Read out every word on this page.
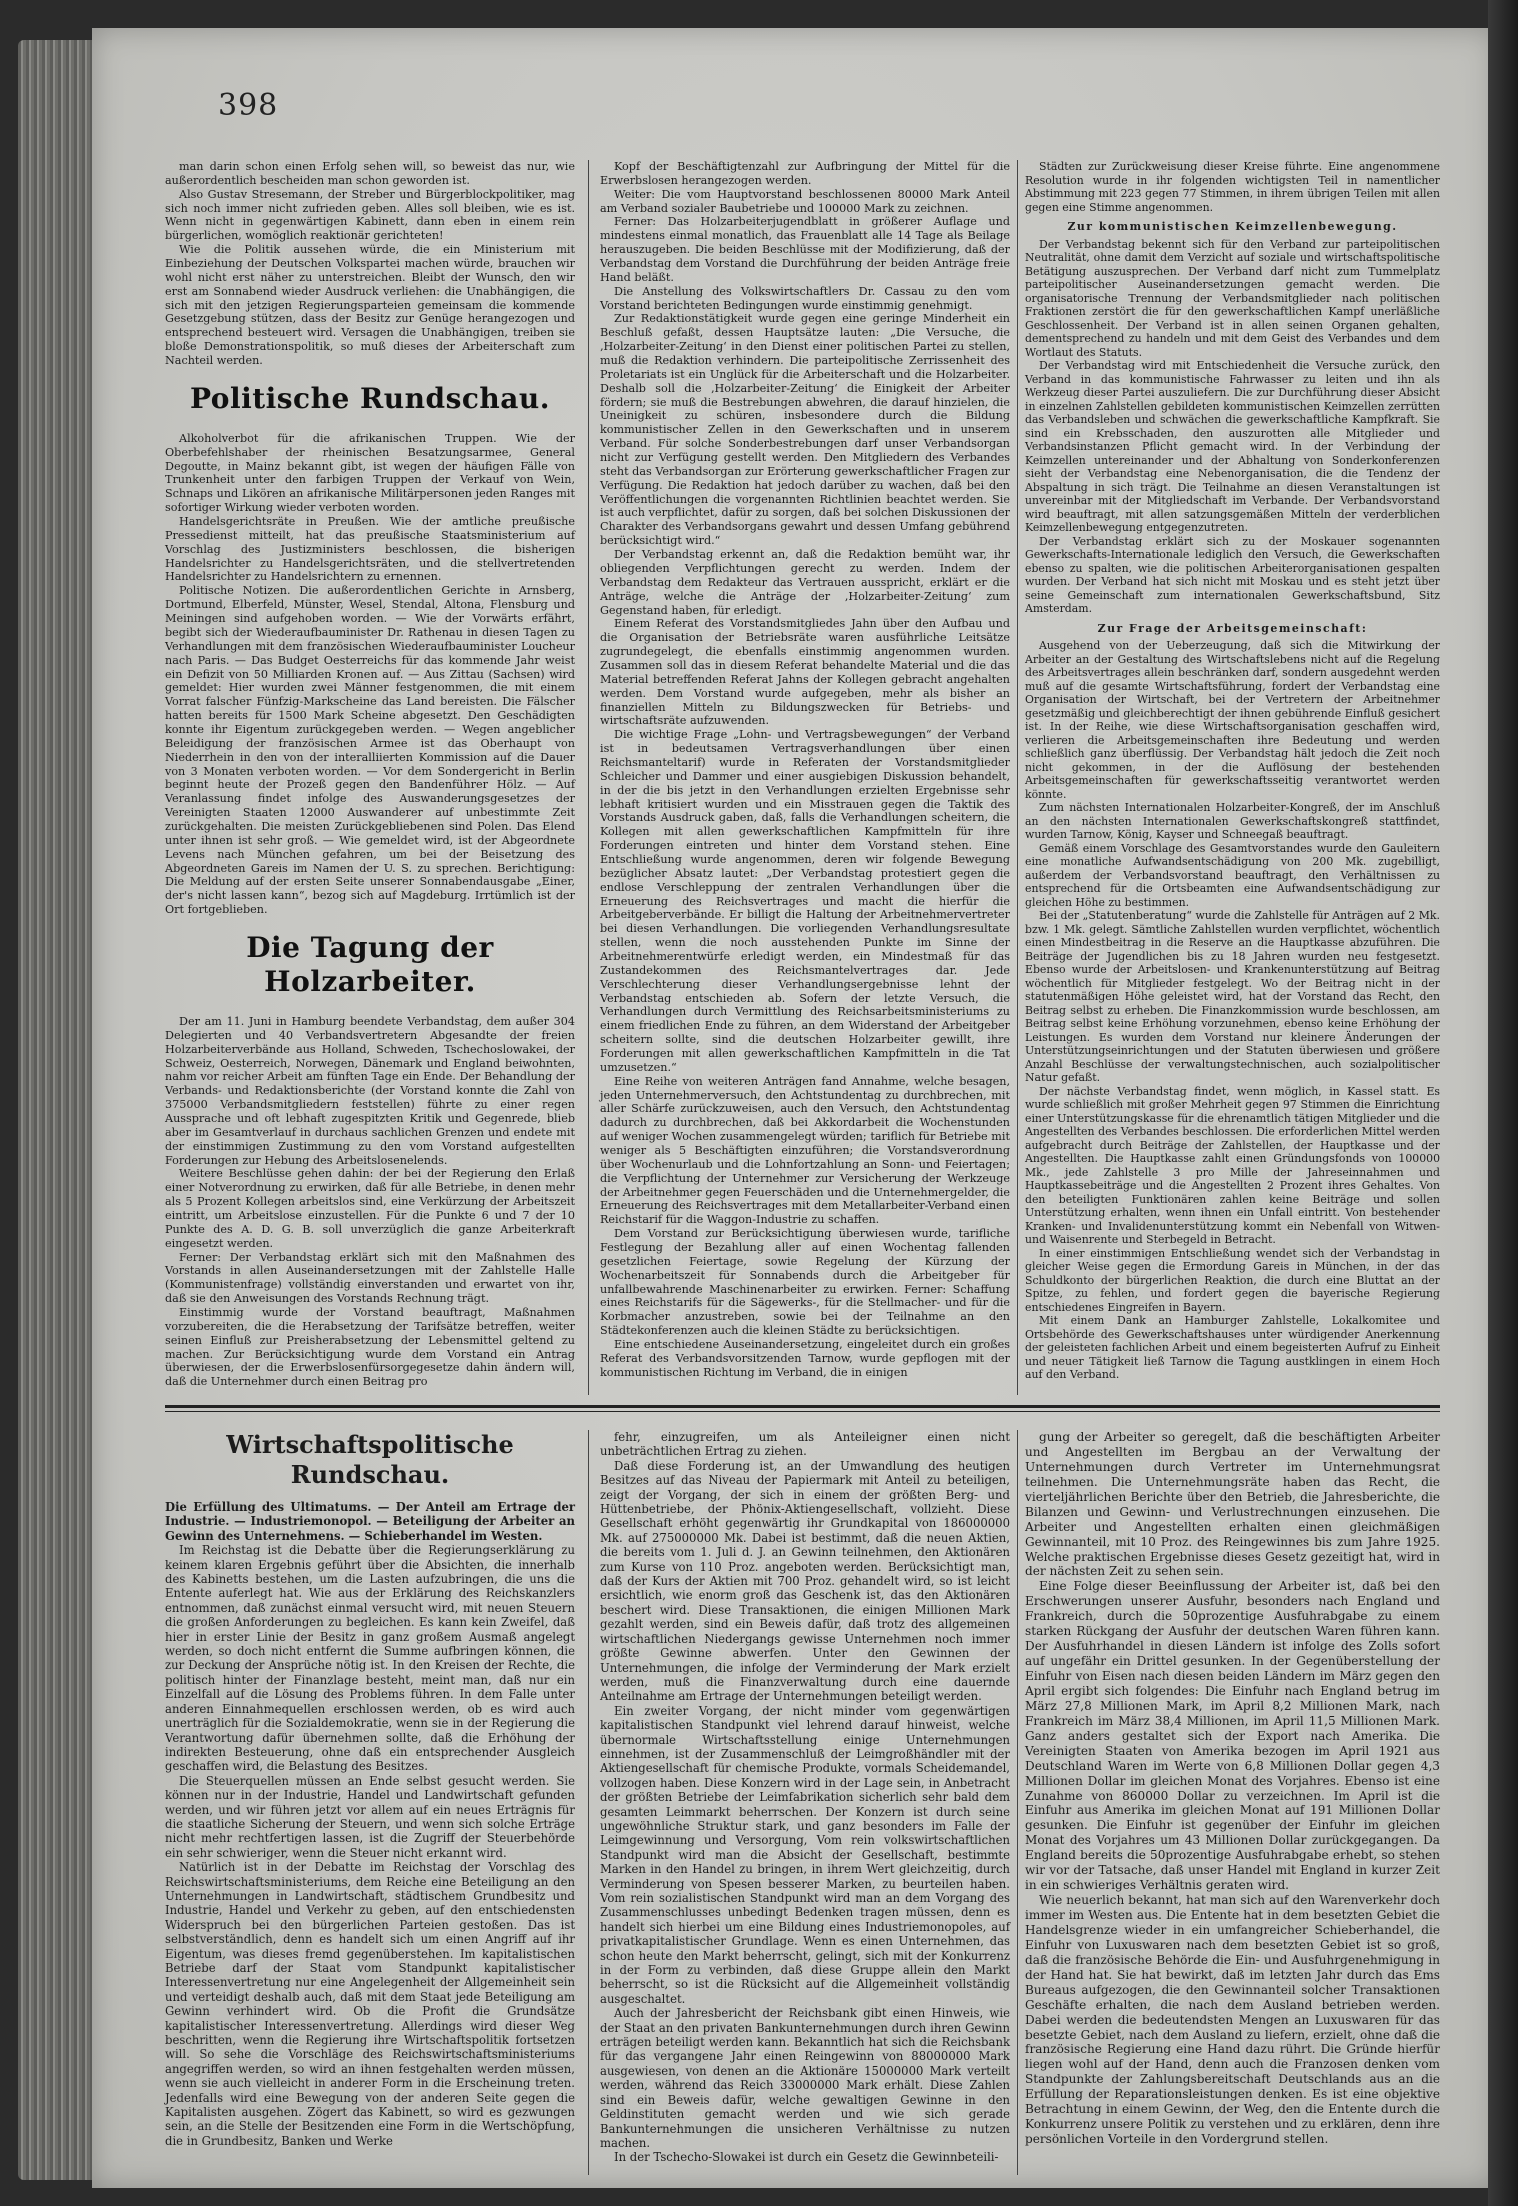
398

man darin schon einen Erfolg sehen will, so beweist das nur, wie außerordentlich bescheiden man schon geworden ist.

Also Gustav Stresemann, der Streber und Bürgerblockpolitiker, mag sich noch immer nicht zufrieden geben. Alles soll bleiben, wie es ist. Wenn nicht in gegenwärtigen Kabinett, dann eben in einem rein bürgerlichen, womöglich reaktionär gerichteten!

Wie die Politik aussehen würde, die ein Ministerium mit Einbeziehung der Deutschen Volkspartei machen würde, brauchen wir wohl nicht erst näher zu unterstreichen. Bleibt der Wunsch, den wir erst am Sonnabend wieder Ausdruck verliehen: die Unabhängigen, die sich mit den jetzigen Regierungsparteien gemeinsam die kommende Gesetzgebung stützen, dass der Besitz zur Genüge herangezogen und entsprechend besteuert wird. Versagen die Unabhängigen, treiben sie bloße Demonstrationspolitik, so muß dieses der Arbeiterschaft zum Nachteil werden.

Politische Rundschau.

Alkoholverbot für die afrikanischen Truppen. Wie der Oberbefehlshaber der rheinischen Besatzungsarmee, General Degoutte, in Mainz bekannt gibt, ist wegen der häufigen Fälle von Trunkenheit unter den farbigen Truppen der Verkauf von Wein, Schnaps und Likören an afrikanische Militärpersonen jeden Ranges mit sofortiger Wirkung wieder verboten worden.

Handelsgerichtsräte in Preußen. Wie der amtliche preußische Pressedienst mitteilt, hat das preußische Staatsministerium auf Vorschlag des Justizministers beschlossen, die bisherigen Handelsrichter zu Handelsgerichtsräten, und die stellvertretenden Handelsrichter zu Handelsrichtern zu ernennen.

Politische Notizen. Die außerordentlichen Gerichte in Arnsberg, Dortmund, Elberfeld, Münster, Wesel, Stendal, Altona, Flensburg und Meiningen sind aufgehoben worden. — Wie der Vorwärts erfährt, begibt sich der Wiederaufbauminister Dr. Rathenau in diesen Tagen zu Verhandlungen mit dem französischen Wiederaufbauminister Loucheur nach Paris. — Das Budget Oesterreichs für das kommende Jahr weist ein Defizit von 50 Milliarden Kronen auf. — Aus Zittau (Sachsen) wird gemeldet: Hier wurden zwei Männer festgenommen, die mit einem Vorrat falscher Fünfzig-Markscheine das Land bereisten. Die Fälscher hatten bereits für 1500 Mark Scheine abgesetzt. Den Geschädigten konnte ihr Eigentum zurückgegeben werden. — Wegen angeblicher Beleidigung der französischen Armee ist das Oberhaupt von Niederrhein in den von der interalliierten Kommission auf die Dauer von 3 Monaten verboten worden. — Vor dem Sondergericht in Berlin beginnt heute der Prozeß gegen den Bandenführer Hölz. — Auf Veranlassung findet infolge des Auswanderungsgesetzes der Vereinigten Staaten 12000 Auswanderer auf unbestimmte Zeit zurückgehalten. Die meisten Zurückgebliebenen sind Polen. Das Elend unter ihnen ist sehr groß. — Wie gemeldet wird, ist der Abgeordnete Levens nach München gefahren, um bei der Beisetzung des Abgeordneten Gareis im Namen der U. S. zu sprechen. Berichtigung: Die Meldung auf der ersten Seite unserer Sonnabendausgabe „Einer, der's nicht lassen kann“, bezog sich auf Magdeburg. Irrtümlich ist der Ort fortgeblieben.

Die Tagung der Holzarbeiter.

Der am 11. Juni in Hamburg beendete Verbandstag, dem außer 304 Delegierten und 40 Verbandsvertretern Abgesandte der freien Holzarbeiterverbände aus Holland, Schweden, Tschechoslowakei, der Schweiz, Oesterreich, Norwegen, Dänemark und England beiwohnten, nahm vor reicher Arbeit am fünften Tage ein Ende. Der Behandlung der Verbands- und Redaktionsberichte (der Vorstand konnte die Zahl von 375000 Verbandsmitgliedern feststellen) führte zu einer regen Aussprache und oft lebhaft zugespitzten Kritik und Gegenrede, blieb aber im Gesamtverlauf in durchaus sachlichen Grenzen und endete mit der einstimmigen Zustimmung zu den vom Vorstand aufgestellten Forderungen zur Hebung des Arbeitslosenelends.

Weitere Beschlüsse gehen dahin: der bei der Regierung den Erlaß einer Notverordnung zu erwirken, daß für alle Betriebe, in denen mehr als 5 Prozent Kollegen arbeitslos sind, eine Verkürzung der Arbeitszeit eintritt, um Arbeitslose einzustellen. Für die Punkte 6 und 7 der 10 Punkte des A. D. G. B. soll unverzüglich die ganze Arbeiterkraft eingesetzt werden.

Ferner: Der Verbandstag erklärt sich mit den Maßnahmen des Vorstands in allen Auseinandersetzungen mit der Zahlstelle Halle (Kommunistenfrage) vollständig einverstanden und erwartet von ihr, daß sie den Anweisungen des Vorstands Rechnung trägt.

Einstimmig wurde der Vorstand beauftragt, Maßnahmen vorzubereiten, die die Herabsetzung der Tarifsätze betreffen, weiter seinen Einfluß zur Preisherabsetzung der Lebensmittel geltend zu machen. Zur Berücksichtigung wurde dem Vorstand ein Antrag überwiesen, der die Erwerbslosenfürsorgegesetze dahin ändern will, daß die Unternehmer durch einen Beitrag pro

Kopf der Beschäftigtenzahl zur Aufbringung der Mittel für die Erwerbslosen herangezogen werden.

Weiter: Die vom Hauptvorstand beschlossenen 80000 Mark Anteil am Verband sozialer Baubetriebe und 100000 Mark zu zeichnen.

Ferner: Das Holzarbeiterjugendblatt in größerer Auflage und mindestens einmal monatlich, das Frauenblatt alle 14 Tage als Beilage herauszugeben. Die beiden Beschlüsse mit der Modifizierung, daß der Verbandstag dem Vorstand die Durchführung der beiden Anträge freie Hand beläßt.

Die Anstellung des Volkswirtschaftlers Dr. Cassau zu den vom Vorstand berichteten Bedingungen wurde einstimmig genehmigt.

Zur Redaktionstätigkeit wurde gegen eine geringe Minderheit ein Beschluß gefaßt, dessen Hauptsätze lauten: „Die Versuche, die ‚Holzarbeiter-Zeitung‘ in den Dienst einer politischen Partei zu stellen, muß die Redaktion verhindern. Die parteipolitische Zerrissenheit des Proletariats ist ein Unglück für die Arbeiterschaft und die Holzarbeiter. Deshalb soll die ‚Holzarbeiter-Zeitung‘ die Einigkeit der Arbeiter fördern; sie muß die Bestrebungen abwehren, die darauf hinzielen, die Uneinigkeit zu schüren, insbesondere durch die Bildung kommunistischer Zellen in den Gewerkschaften und in unserem Verband. Für solche Sonderbestrebungen darf unser Verbandsorgan nicht zur Verfügung gestellt werden. Den Mitgliedern des Verbandes steht das Verbandsorgan zur Erörterung gewerkschaftlicher Fragen zur Verfügung. Die Redaktion hat jedoch darüber zu wachen, daß bei den Veröffentlichungen die vorgenannten Richtlinien beachtet werden. Sie ist auch verpflichtet, dafür zu sorgen, daß bei solchen Diskussionen der Charakter des Verbandsorgans gewahrt und dessen Umfang gebührend berücksichtigt wird.“

Der Verbandstag erkennt an, daß die Redaktion bemüht war, ihr obliegenden Verpflichtungen gerecht zu werden. Indem der Verbandstag dem Redakteur das Vertrauen ausspricht, erklärt er die Anträge, welche die Anträge der ‚Holzarbeiter-Zeitung‘ zum Gegenstand haben, für erledigt.

Einem Referat des Vorstandsmitgliedes Jahn über den Aufbau und die Organisation der Betriebsräte waren ausführliche Leitsätze zugrundegelegt, die ebenfalls einstimmig angenommen wurden. Zusammen soll das in diesem Referat behandelte Material und die das Material betreffenden Referat Jahns der Kollegen gebracht angehalten werden. Dem Vorstand wurde aufgegeben, mehr als bisher an finanziellen Mitteln zu Bildungszwecken für Betriebs- und wirtschaftsräte aufzuwenden.

Die wichtige Frage „Lohn- und Vertragsbewegungen“ der Verband ist in bedeutsamen Vertragsverhandlungen über einen Reichsmanteltarif) wurde in Referaten der Vorstandsmitglieder Schleicher und Dammer und einer ausgiebigen Diskussion behandelt, in der die bis jetzt in den Verhandlungen erzielten Ergebnisse sehr lebhaft kritisiert wurden und ein Misstrauen gegen die Taktik des Vorstands Ausdruck gaben, daß, falls die Verhandlungen scheitern, die Kollegen mit allen gewerkschaftlichen Kampfmitteln für ihre Forderungen eintreten und hinter dem Vorstand stehen. Eine Entschließung wurde angenommen, deren wir folgende Bewegung bezüglicher Absatz lautet: „Der Verbandstag protestiert gegen die endlose Verschleppung der zentralen Verhandlungen über die Erneuerung des Reichsvertrages und macht die hierfür die Arbeitgeberverbände. Er billigt die Haltung der Arbeitnehmervertreter bei diesen Verhandlungen. Die vorliegenden Verhandlungsresultate stellen, wenn die noch ausstehenden Punkte im Sinne der Arbeitnehmerentwürfe erledigt werden, ein Mindestmaß für das Zustandekommen des Reichsmantelvertrages dar. Jede Verschlechterung dieser Verhandlungsergebnisse lehnt der Verbandstag entschieden ab. Sofern der letzte Versuch, die Verhandlungen durch Vermittlung des Reichsarbeitsministeriums zu einem friedlichen Ende zu führen, an dem Widerstand der Arbeitgeber scheitern sollte, sind die deutschen Holzarbeiter gewillt, ihre Forderungen mit allen gewerkschaftlichen Kampfmitteln in die Tat umzusetzen.“

Eine Reihe von weiteren Anträgen fand Annahme, welche besagen, jeden Unternehmerversuch, den Achtstundentag zu durchbrechen, mit aller Schärfe zurückzuweisen, auch den Versuch, den Achtstundentag dadurch zu durchbrechen, daß bei Akkordarbeit die Wochenstunden auf weniger Wochen zusammengelegt würden; tariflich für Betriebe mit weniger als 5 Beschäftigten einzuführen; die Vorstandsverordnung über Wochenurlaub und die Lohnfortzahlung an Sonn- und Feiertagen; die Verpflichtung der Unternehmer zur Versicherung der Werkzeuge der Arbeitnehmer gegen Feuerschäden und die Unternehmergelder, die Erneuerung des Reichsvertrages mit dem Metallarbeiter-Verband einen Reichstarif für die Waggon-Industrie zu schaffen.

Dem Vorstand zur Berücksichtigung überwiesen wurde, tarifliche Festlegung der Bezahlung aller auf einen Wochentag fallenden gesetzlichen Feiertage, sowie Regelung der Kürzung der Wochenarbeitszeit für Sonnabends durch die Arbeitgeber für unfallbewahrende Maschinenarbeiter zu erwirken. Ferner: Schaffung eines Reichstarifs für die Sägewerks-, für die Stellmacher- und für die Korbmacher anzustreben, sowie bei der Teilnahme an den Städtekonferenzen auch die kleinen Städte zu berücksichtigen.

Eine entschiedene Auseinandersetzung, eingeleitet durch ein großes Referat des Verbandsvorsitzenden Tarnow, wurde gepflogen mit der kommunistischen Richtung im Verband, die in einigen

Städten zur Zurückweisung dieser Kreise führte. Eine angenommene Resolution wurde in ihr folgenden wichtigsten Teil in namentlicher Abstimmung mit 223 gegen 77 Stimmen, in ihrem übrigen Teilen mit allen gegen eine Stimme angenommen.

Zur kommunistischen Keimzellenbewegung.

Der Verbandstag bekennt sich für den Verband zur parteipolitischen Neutralität, ohne damit dem Verzicht auf soziale und wirtschaftspolitische Betätigung auszusprechen. Der Verband darf nicht zum Tummelplatz parteipolitischer Auseinandersetzungen gemacht werden. Die organisatorische Trennung der Verbandsmitglieder nach politischen Fraktionen zerstört die für den gewerkschaftlichen Kampf unerläßliche Geschlossenheit. Der Verband ist in allen seinen Organen gehalten, dementsprechend zu handeln und mit dem Geist des Verbandes und dem Wortlaut des Statuts.

Der Verbandstag wird mit Entschiedenheit die Versuche zurück, den Verband in das kommunistische Fahrwasser zu leiten und ihn als Werkzeug dieser Partei auszuliefern. Die zur Durchführung dieser Absicht in einzelnen Zahlstellen gebildeten kommunistischen Keimzellen zerrütten das Verbandsleben und schwächen die gewerkschaftliche Kampfkraft. Sie sind ein Krebsschaden, den auszurotten alle Mitglieder und Verbandsinstanzen Pflicht gemacht wird. In der Verbindung der Keimzellen untereinander und der Abhaltung von Sonderkonferenzen sieht der Verbandstag eine Nebenorganisation, die die Tendenz der Abspaltung in sich trägt. Die Teilnahme an diesen Veranstaltungen ist unvereinbar mit der Mitgliedschaft im Verbande. Der Verbandsvorstand wird beauftragt, mit allen satzungsgemäßen Mitteln der verderblichen Keimzellenbewegung entgegenzutreten.

Der Verbandstag erklärt sich zu der Moskauer sogenannten Gewerkschafts-Internationale lediglich den Versuch, die Gewerkschaften ebenso zu spalten, wie die politischen Arbeiterorganisationen gespalten wurden. Der Verband hat sich nicht mit Moskau und es steht jetzt über seine Gemeinschaft zum internationalen Gewerkschaftsbund, Sitz Amsterdam.

Zur Frage der Arbeitsgemeinschaft:

Ausgehend von der Ueberzeugung, daß sich die Mitwirkung der Arbeiter an der Gestaltung des Wirtschaftslebens nicht auf die Regelung des Arbeitsvertrages allein beschränken darf, sondern ausgedehnt werden muß auf die gesamte Wirtschaftsführung, fordert der Verbandstag eine Organisation der Wirtschaft, bei der Vertretern der Arbeitnehmer gesetzmäßig und gleichberechtigt der ihnen gebührende Einfluß gesichert ist. In der Reihe, wie diese Wirtschaftsorganisation geschaffen wird, verlieren die Arbeitsgemeinschaften ihre Bedeutung und werden schließlich ganz überflüssig. Der Verbandstag hält jedoch die Zeit noch nicht gekommen, in der die Auflösung der bestehenden Arbeitsgemeinschaften für gewerkschaftsseitig verantwortet werden könnte.

Zum nächsten Internationalen Holzarbeiter-Kongreß, der im Anschluß an den nächsten Internationalen Gewerkschaftskongreß stattfindet, wurden Tarnow, König, Kayser und Schneegaß beauftragt.

Gemäß einem Vorschlage des Gesamtvorstandes wurde den Gauleitern eine monatliche Aufwandsentschädigung von 200 Mk. zugebilligt, außerdem der Verbandsvorstand beauftragt, den Verhältnissen zu entsprechend für die Ortsbeamten eine Aufwandsentschädigung zur gleichen Höhe zu bestimmen.

Bei der „Statutenberatung“ wurde die Zahlstelle für Anträgen auf 2 Mk. bzw. 1 Mk. gelegt. Sämtliche Zahlstellen wurden verpflichtet, wöchentlich einen Mindestbeitrag in die Reserve an die Hauptkasse abzuführen. Die Beiträge der Jugendlichen bis zu 18 Jahren wurden neu festgesetzt. Ebenso wurde der Arbeitslosen- und Krankenunterstützung auf Beitrag wöchentlich für Mitglieder festgelegt. Wo der Beitrag nicht in der statutenmäßigen Höhe geleistet wird, hat der Vorstand das Recht, den Beitrag selbst zu erheben. Die Finanzkommission wurde beschlossen, am Beitrag selbst keine Erhöhung vorzunehmen, ebenso keine Erhöhung der Leistungen. Es wurden dem Vorstand nur kleinere Änderungen der Unterstützungseinrichtungen und der Statuten überwiesen und größere Anzahl Beschlüsse der verwaltungstechnischen, auch sozialpolitischer Natur gefaßt.

Der nächste Verbandstag findet, wenn möglich, in Kassel statt. Es wurde schließlich mit großer Mehrheit gegen 97 Stimmen die Einrichtung einer Unterstützungskasse für die ehrenamtlich tätigen Mitglieder und die Angestellten des Verbandes beschlossen. Die erforderlichen Mittel werden aufgebracht durch Beiträge der Zahlstellen, der Hauptkasse und der Angestellten. Die Hauptkasse zahlt einen Gründungsfonds von 100000 Mk., jede Zahlstelle 3 pro Mille der Jahreseinnahmen und Hauptkassebeiträge und die Angestellten 2 Prozent ihres Gehaltes. Von den beteiligten Funktionären zahlen keine Beiträge und sollen Unterstützung erhalten, wenn ihnen ein Unfall eintritt. Von bestehender Kranken- und Invalidenunterstützung kommt ein Nebenfall von Witwen- und Waisenrente und Sterbegeld in Betracht.

In einer einstimmigen Entschließung wendet sich der Verbandstag in gleicher Weise gegen die Ermordung Gareis in München, in der das Schuldkonto der bürgerlichen Reaktion, die durch eine Bluttat an der Spitze, zu fehlen, und fordert gegen die bayerische Regierung entschiedenes Eingreifen in Bayern.

Mit einem Dank an Hamburger Zahlstelle, Lokalkomitee und Ortsbehörde des Gewerkschaftshauses unter würdigender Anerkennung der geleisteten fachlichen Arbeit und einem begeisterten Aufruf zu Einheit und neuer Tätigkeit ließ Tarnow die Tagung austklingen in einem Hoch auf den Verband.

Wirtschaftspolitische Rundschau.

Die Erfüllung des Ultimatums. — Der Anteil am Ertrage der Industrie. — Industriemonopol. — Beteiligung der Arbeiter an Gewinn des Unternehmens. — Schieberhandel im Westen.

Im Reichstag ist die Debatte über die Regierungserklärung zu keinem klaren Ergebnis geführt über die Absichten, die innerhalb des Kabinetts bestehen, um die Lasten aufzubringen, die uns die Entente auferlegt hat. Wie aus der Erklärung des Reichskanzlers entnommen, daß zunächst einmal versucht wird, mit neuen Steuern die großen Anforderungen zu begleichen. Es kann kein Zweifel, daß hier in erster Linie der Besitz in ganz großem Ausmaß angelegt werden, so doch nicht entfernt die Summe aufbringen können, die zur Deckung der Ansprüche nötig ist. In den Kreisen der Rechte, die politisch hinter der Finanzlage besteht, meint man, daß nur ein Einzelfall auf die Lösung des Problems führen. In dem Falle unter anderen Einnahmequellen erschlossen werden, ob es wird auch unerträglich für die Sozialdemokratie, wenn sie in der Regierung die Verantwortung dafür übernehmen sollte, daß die Erhöhung der indirekten Besteuerung, ohne daß ein entsprechender Ausgleich geschaffen wird, die Belastung des Besitzes.

Die Steuerquellen müssen an Ende selbst gesucht werden. Sie können nur in der Industrie, Handel und Landwirtschaft gefunden werden, und wir führen jetzt vor allem auf ein neues Erträgnis für die staatliche Sicherung der Steuern, und wenn sich solche Erträge nicht mehr rechtfertigen lassen, ist die Zugriff der Steuerbehörde ein sehr schwieriger, wenn die Steuer nicht erkannt wird.

Natürlich ist in der Debatte im Reichstag der Vorschlag des Reichswirtschaftsministeriums, dem Reiche eine Beteiligung an den Unternehmungen in Landwirtschaft, städtischem Grundbesitz und Industrie, Handel und Verkehr zu geben, auf den entschiedensten Widerspruch bei den bürgerlichen Parteien gestoßen. Das ist selbstverständlich, denn es handelt sich um einen Angriff auf ihr Eigentum, was dieses fremd gegenüberstehen. Im kapitalistischen Betriebe darf der Staat vom Standpunkt kapitalistischer Interessenvertretung nur eine Angelegenheit der Allgemeinheit sein und verteidigt deshalb auch, daß mit dem Staat jede Beteiligung am Gewinn verhindert wird. Ob die Profit die Grundsätze kapitalistischer Interessenvertretung. Allerdings wird dieser Weg beschritten, wenn die Regierung ihre Wirtschaftspolitik fortsetzen will. So sehe die Vorschläge des Reichswirtschaftsministeriums angegriffen werden, so wird an ihnen festgehalten werden müssen, wenn sie auch vielleicht in anderer Form in die Erscheinung treten. Jedenfalls wird eine Bewegung von der anderen Seite gegen die Kapitalisten ausgehen. Zögert das Kabinett, so wird es gezwungen sein, an die Stelle der Besitzenden eine Form in die Wertschöpfung, die in Grundbesitz, Banken und Werke

fehr, einzugreifen, um als Anteileigner einen nicht unbeträchtlichen Ertrag zu ziehen.

Daß diese Forderung ist, an der Umwandlung des heutigen Besitzes auf das Niveau der Papiermark mit Anteil zu beteiligen, zeigt der Vorgang, der sich in einem der größten Berg- und Hüttenbetriebe, der Phönix-Aktiengesellschaft, vollzieht. Diese Gesellschaft erhöht gegenwärtig ihr Grundkapital von 186000000 Mk. auf 275000000 Mk. Dabei ist bestimmt, daß die neuen Aktien, die bereits vom 1. Juli d. J. an Gewinn teilnehmen, den Aktionären zum Kurse von 110 Proz. angeboten werden. Berücksichtigt man, daß der Kurs der Aktien mit 700 Proz. gehandelt wird, so ist leicht ersichtlich, wie enorm groß das Geschenk ist, das den Aktionären beschert wird. Diese Transaktionen, die einigen Millionen Mark gezahlt werden, sind ein Beweis dafür, daß trotz des allgemeinen wirtschaftlichen Niedergangs gewisse Unternehmen noch immer größte Gewinne abwerfen. Unter den Gewinnen der Unternehmungen, die infolge der Verminderung der Mark erzielt werden, muß die Finanzverwaltung durch eine dauernde Anteilnahme am Ertrage der Unternehmungen beteiligt werden.

Ein zweiter Vorgang, der nicht minder vom gegenwärtigen kapitalistischen Standpunkt viel lehrend darauf hinweist, welche übernormale Wirtschaftsstellung einige Unternehmungen einnehmen, ist der Zusammenschluß der Leimgroßhändler mit der Aktiengesellschaft für chemische Produkte, vormals Scheidemandel, vollzogen haben. Diese Konzern wird in der Lage sein, in Anbetracht der größten Betriebe der Leimfabrikation sicherlich sehr bald dem gesamten Leimmarkt beherrschen. Der Konzern ist durch seine ungewöhnliche Struktur stark, und ganz besonders im Falle der Leimgewinnung und Versorgung, Vom rein volkswirtschaftlichen Standpunkt wird man die Absicht der Gesellschaft, bestimmte Marken in den Handel zu bringen, in ihrem Wert gleichzeitig, durch Verminderung von Spesen besserer Marken, zu beurteilen haben. Vom rein sozialistischen Standpunkt wird man an dem Vorgang des Zusammenschlusses unbedingt Bedenken tragen müssen, denn es handelt sich hierbei um eine Bildung eines Industriemonopoles, auf privatkapitalistischer Grundlage. Wenn es einen Unternehmen, das schon heute den Markt beherrscht, gelingt, sich mit der Konkurrenz in der Form zu verbinden, daß diese Gruppe allein den Markt beherrscht, so ist die Rücksicht auf die Allgemeinheit vollständig ausgeschaltet.

Auch der Jahresbericht der Reichsbank gibt einen Hinweis, wie der Staat an den privaten Bankunternehmungen durch ihren Gewinn erträgen beteiligt werden kann. Bekanntlich hat sich die Reichsbank für das vergangene Jahr einen Reingewinn von 88000000 Mark ausgewiesen, von denen an die Aktionäre 15000000 Mark verteilt werden, während das Reich 33000000 Mark erhält. Diese Zahlen sind ein Beweis dafür, welche gewaltigen Gewinne in den Geldinstituten gemacht werden und wie sich gerade Bankunternehmungen die unsicheren Verhältnisse zu nutzen machen.

In der Tschecho-Slowakei ist durch ein Gesetz die Gewinnbeteili-

gung der Arbeiter so geregelt, daß die beschäftigten Arbeiter und Angestellten im Bergbau an der Verwaltung der Unternehmungen durch Vertreter im Unternehmungsrat teilnehmen. Die Unternehmungsräte haben das Recht, die vierteljährlichen Berichte über den Betrieb, die Jahresberichte, die Bilanzen und Gewinn- und Verlustrechnungen einzusehen. Die Arbeiter und Angestellten erhalten einen gleichmäßigen Gewinnanteil, mit 10 Proz. des Reingewinnes bis zum Jahre 1925. Welche praktischen Ergebnisse dieses Gesetz gezeitigt hat, wird in der nächsten Zeit zu sehen sein.

Eine Folge dieser Beeinflussung der Arbeiter ist, daß bei den Erschwerungen unserer Ausfuhr, besonders nach England und Frankreich, durch die 50prozentige Ausfuhrabgabe zu einem starken Rückgang der Ausfuhr der deutschen Waren führen kann. Der Ausfuhrhandel in diesen Ländern ist infolge des Zolls sofort auf ungefähr ein Drittel gesunken. In der Gegenüberstellung der Einfuhr von Eisen nach diesen beiden Ländern im März gegen den April ergibt sich folgendes: Die Einfuhr nach England betrug im März 27,8 Millionen Mark, im April 8,2 Millionen Mark, nach Frankreich im März 38,4 Millionen, im April 11,5 Millionen Mark. Ganz anders gestaltet sich der Export nach Amerika. Die Vereinigten Staaten von Amerika bezogen im April 1921 aus Deutschland Waren im Werte von 6,8 Millionen Dollar gegen 4,3 Millionen Dollar im gleichen Monat des Vorjahres. Ebenso ist eine Zunahme von 860000 Dollar zu verzeichnen. Im April ist die Einfuhr aus Amerika im gleichen Monat auf 191 Millionen Dollar gesunken. Die Einfuhr ist gegenüber der Einfuhr im gleichen Monat des Vorjahres um 43 Millionen Dollar zurückgegangen. Da England bereits die 50prozentige Ausfuhrabgabe erhebt, so stehen wir vor der Tatsache, daß unser Handel mit England in kurzer Zeit in ein schwieriges Verhältnis geraten wird.

Wie neuerlich bekannt, hat man sich auf den Warenverkehr doch immer im Westen aus. Die Entente hat in dem besetzten Gebiet die Handelsgrenze wieder in ein umfangreicher Schieberhandel, die Einfuhr von Luxuswaren nach dem besetzten Gebiet ist so groß, daß die französische Behörde die Ein- und Ausfuhrgenehmigung in der Hand hat. Sie hat bewirkt, daß im letzten Jahr durch das Ems Bureaus aufgezogen, die den Gewinnanteil solcher Transaktionen Geschäfte erhalten, die nach dem Ausland betrieben werden. Dabei werden die bedeutendsten Mengen an Luxuswaren für das besetzte Gebiet, nach dem Ausland zu liefern, erzielt, ohne daß die französische Regierung eine Hand dazu rührt. Die Gründe hierfür liegen wohl auf der Hand, denn auch die Franzosen denken vom Standpunkte der Zahlungsbereitschaft Deutschlands aus an die Erfüllung der Reparationsleistungen denken. Es ist eine objektive Betrachtung in einem Gewinn, der Weg, den die Entente durch die Konkurrenz unsere Politik zu verstehen und zu erklären, denn ihre persönlichen Vorteile in den Vordergrund stellen.
